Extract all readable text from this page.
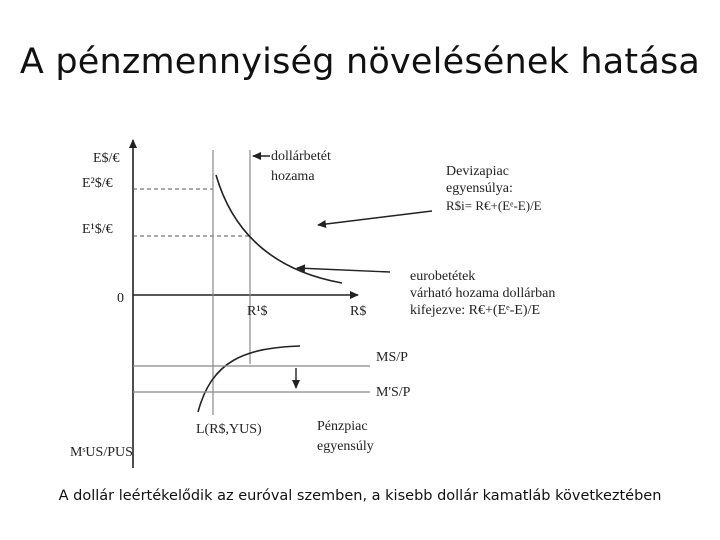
A pénzmennyiség növelésének hatása
E$/€
E²$/€
E¹$/€
0
R¹$	R$
dollárbetét
hozama	Devizapiac
egyensúlya:
R$i= R€+(Eᵉ-E)/E
eurobetétek
várható hozama dollárban
kifejezve: R€+(Eᵉ-E)/E
MS/P
M'S/P
L(R$,YUS)	Pénzpiac
egyensúly
MˢUS/PUS
A dollár leértékelődik az euróval szemben, a kisebb dollár kamatláb következtében
